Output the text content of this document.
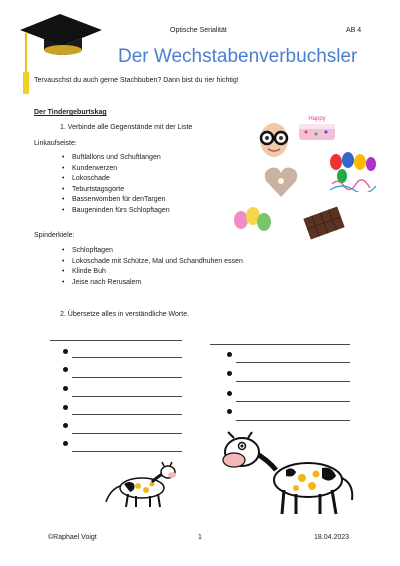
Optische Serialität	AB 4
Der Wechstabenverbuchsler
Tervauschst du auch gerne Stachbuben? Dann bist du rier hichtig!
Der Tindergeburtskag
1. Verbinde alle Gegenstände mit der Liste
Linkaufseiste:
• Buftlallons und Schuftlangen
• Kunderwerzen
• Lokoschade
• Teburtstagsgorte
• Basserwomben für denTargen
• Baugeninden fürs Schlopftagen
Spinderkiele:
• Schlopftagen
• Lokoschade mit Schütze, Mal und Schandhuhen essen
• Klinde Buh
• Jeise nach Rerusalem
2. Übersetze alles in verständliche Worte.
Happy
©Raphael Voigt	1	18.04.2023
